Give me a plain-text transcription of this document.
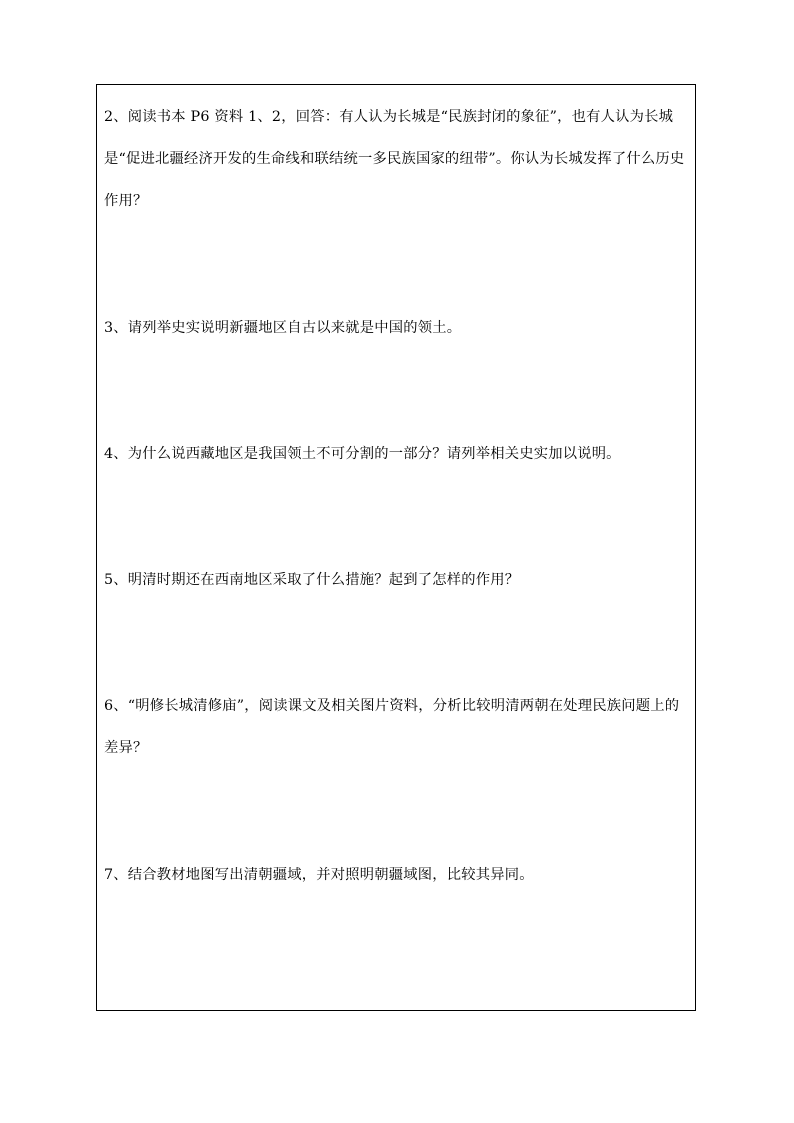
2、阅读书本 P6 资料 1、2，回答：有人认为长城是“民族封闭的象征”，也有人认为长城是“促进北疆经济开发的生命线和联结统一多民族国家的纽带”。你认为长城发挥了什么历史作用？
3、请列举史实说明新疆地区自古以来就是中国的领土。
4、为什么说西藏地区是我国领土不可分割的一部分？请列举相关史实加以说明。
5、明清时期还在西南地区采取了什么措施？起到了怎样的作用？
6、“明修长城清修庙”，阅读课文及相关图片资料，分析比较明清两朝在处理民族问题上的差异？
7、结合教材地图写出清朝疆域，并对照明朝疆域图，比较其异同。
